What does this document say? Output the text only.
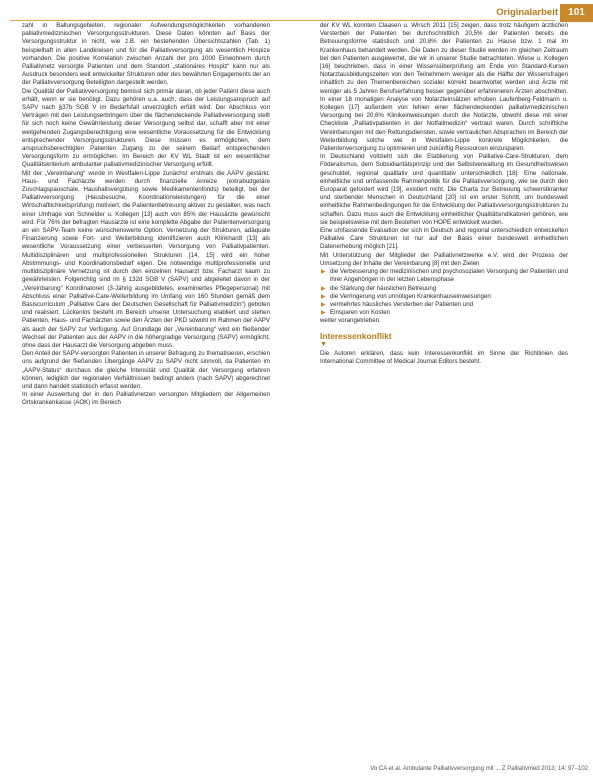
Originalarbeit	101

zahl in Ballungsgebieten, regionaler Aufwendungsmöglichkeiten vorhandenen palliativmedizinischen Versorgungsstrukturen. Diese Daten könnten auf Basis der Versorgungsstruktur in nicht, wie z.B. ein bestehenden Übersichtszahlen (Tab. 1) beispielhaft in allen Landkreisen und für die Palliativversorgung als wesentlich Hospize vorhanden. Die positive Korrelation zwischen Anzahl der pro 1000 Einwohnern durch Palliativnetz versorgte Patienten und dem Standort „stationäres Hospiz“ kann nur als Ausdruck besonders weit entwickelter Strukturen oder des bewährten Engagements der an der Palliativversorgung Beteiligten dargestellt werden.

Die Qualität der Palliativversorgung bemisst sich primär daran, ob jeder Patient diese auch erhält, wenn er sie benötigt. Dazu gehören u.a. auch, dass der Leistungsanspruch auf SAPV nach §37b SGB V im Bedarfsfall unverzüglich erfüllt wird. Der Abschluss von Verträgen mit den Leistungserbringern über die flächendeckende Palliativversorgung stellt für sich noch keine Gewährleistung dieser Versorgung selbst dar, schafft aber mit einer weitgehenden Zugangsberechtigung eine wesentliche Voraussetzung für die Entwicklung entsprechender Versorgungsstrukturen. Diese müssen es ermöglichen, dem anspruchsberechtigten Patienten Zugang zu der seinem Bedarf entsprechenden Versorgungsform zu ermöglichen. Im Bereich der KV WL Stadt ist ein wesentlicher Qualitätskriterium ambulanter palliativmedizinischer Versorgung erfüllt.

Mit der „Vereinbarung“ wurde in Westfalen-Lippe zunächst erstmals die AAPV gestärkt. Haus- und Fachärzte werden durch finanzielle Anreize (extrabudgetäre Zuschlagspauschale, Haushaltsvergütung sowie Medikamentenfonds) beteiligt, bei der Palliativversorgung (Hausbesuche, Koordinationsleistungen) für die einer Wirtschaftlichkeitsprüfung) motiviert, die Patientenbetreuung aktiver zu gestalten, was nach einer Umfrage von Schneider u. Kollegen [13] auch von 85% der Hausärzte gewünscht wird. Für 76% der befragten Hausärzte ist eine komplette Abgabe der Patientenversorgung an ein SAPV-Team keine wünschenswerte Option. Vernetzung der Strukturen, adäquate Finanzierung sowie Fort- und Weiterbildung identifizieren auch Klinkhardt [13] als wesentliche Voraussetzung einer verbesserten Versorgung von Palliativpatienten. Multidisziplinären und multiprofessionellen Strukturen [14, 15] wird ein hoher Abstimmungs- und Koordinationsbedarf eigen. Die notwendige multiprofessionelle und multidisziplinäre Vernetzung ist durch den einzelnen Hausarzt bzw. Facharzt kaum zu gewährleisten. Folgerichtig sind im § 132d SGB V (SAPV) und abgeleitet davon in der „Vereinbarung“ Koordinatoren (3-Jährig ausgebildetes, examiniertes Pflegepersonal) mit Abschluss einer Palliative-Care-Weiterbildung im Umfang von 160 Stunden gemäß dem Basiscurriculum „Palliative Care der Deutschen Gesellschaft für Palliativmedizin“) geboten und realisiert. Lückenlos besteht im Bereich unserer Untersuchung etabliert und stehen Patienten, Haus- und Fachärzten sowie den Ärzten der PKD sowohl im Rahmen der AAPV als auch der SAPV zur Verfügung. Auf Grundlage der „Vereinbarung“ wird ein fließender Wechsel der Patienten aus der AAPV in die höhergradige Versorgung (SAPV) ermöglicht, ohne dass der Hausarzt die Versorgung abgeben muss.

Den Anteil der SAPV-versorgten Patienten in unserer Befragung zu thematisieren, erschien uns aufgrund der fließenden Übergänge AAPV zu SAPV nicht sinnvoll, da Patienten im „AAPV-Status“ durchaus die gleiche Intensität und Qualität der Versorgung erfahren können, lediglich der regionalen Verhältnissen bedingt anders (nach SAPV) abgerechnet und dann handelt statistisch erfasst werden.

In einer Auswertung der in den Palliativnetzen versorgten Mitgliedern der Allgemeinen Ortskrankenkasse (AOK) im Bereich

der KV WL konnten Claasen u. Wirsch 2011 [15] zeigen, dass trotz häufigem ärztlichen Versterben der Patienten bei durchschnittlich 20,5% der Patienten bereits die Betreuungsforme statistisch und 20,8% der Patienten zu Hause bzw. 1 mal im Krankenhaus behandelt werden. Die Daten zu dieser Studie werden im gleichen Zeitraum bei den Patienten ausgewertet, die wir in unserer Studie betrachteten. Wiese u. Kollegen [16] beschrieben, dass in einer Wissensüberprüfung am Ende von Standard-Kursen Notarztausbildungszeiten von den Teilnehmern weniger als die Hälfte der Wissensfragen inhaltlich zu den Themenbereichen sozialer korrekt beantwortet werden und Ärzte mit weniger als 5 Jahren Berufserfahrung besser gegenüber erfahreneren Ärzten abschnitten. In einer 18 monatigen Analyse von Notarzteinsätzen erhoben Laufenberg-Feldmann u. Kollegen [17] außerdem von fehlen einer flächendeckenden palliativmedizinischen Versorgung bei 20,6% Klinikeinweisungen durch die Notärzte, obwohl diese mit einer Checkliste „Palliativpatienten in der Notfallmedizin“ vertraut waren. Durch schriftliche Vereinbarungen mit den Rettungsdiensten, sowie vertraulichen Absprachen im Bereich der Weiterbildung solche wie in Westfalen-Lippe konkrete Möglichkeiten, die Patientenversorgung zu optimieren und zukünftig Ressourcen einzusparen.

In Deutschland vollzieht sich die Etablierung von Palliative-Care-Strukturen, dem Föderalismus, dem Subsidiaritätsprinzip und der Selbstverwaltung im Gesundheitswesen geschuldet, regional qualitativ und quantitativ unterschiedlich [18]. Eine nationale, einheitliche und umfassende Rahmenpolitik für die Palliativversorgung, wie sie durch den Europarat gefordert wird [19], existiert nicht. Die Charta zur Betreuung schwerstkranker und sterbender Menschen in Deutschland [20] ist ein erster Schritt, um bundesweit einheitliche Rahmenbedingungen für die Entwicklung der Palliativversorgungsstrukturen zu schaffen. Dazu muss auch die Entwicklung einheitlicher Qualitätsindikatoren gehören, wie sie beispielsweise mit dem Bestehen von HOPE entwickelt wurden.

Eine umfassende Evaluation der sich in Deutsch and regional unterschiedlich entwickelten Palliative Care Strukturen ist nur auf der Basis einer bundesweit einheitlichen Datenerhebung möglich [21].

Mit Unterstützung der Mitglieder der Palliativnetzwerke e.V. wird der Prozess der Umsetzung der Inhalte der Vereinbarung [8] mit den Zielen

▶ die Verbesserung der medizinischen und psychosozialen Versorgung der Patienten und ihrer Angehörigen in der letzten Lebensphase
▶ die Stärkung der häuslichen Betreuung
▶ die Verringerung von unnötigen Krankenhauseinweisungen
▶ vermehrtes häusliches Versterben der Patienten und
▶ Einsparen von Kosten

weiter vorangetrieben.

Interessenkonflikt

▼

Die Autoren erklären, dass kein Interessenkonflikt im Sinne der Richtlinien des International Committee of Medical Journal Editors besteht.

Vo CA et al. Ambulante Palliativversorgung mit ... Z Palliativmed 2013; 14: 97–102
